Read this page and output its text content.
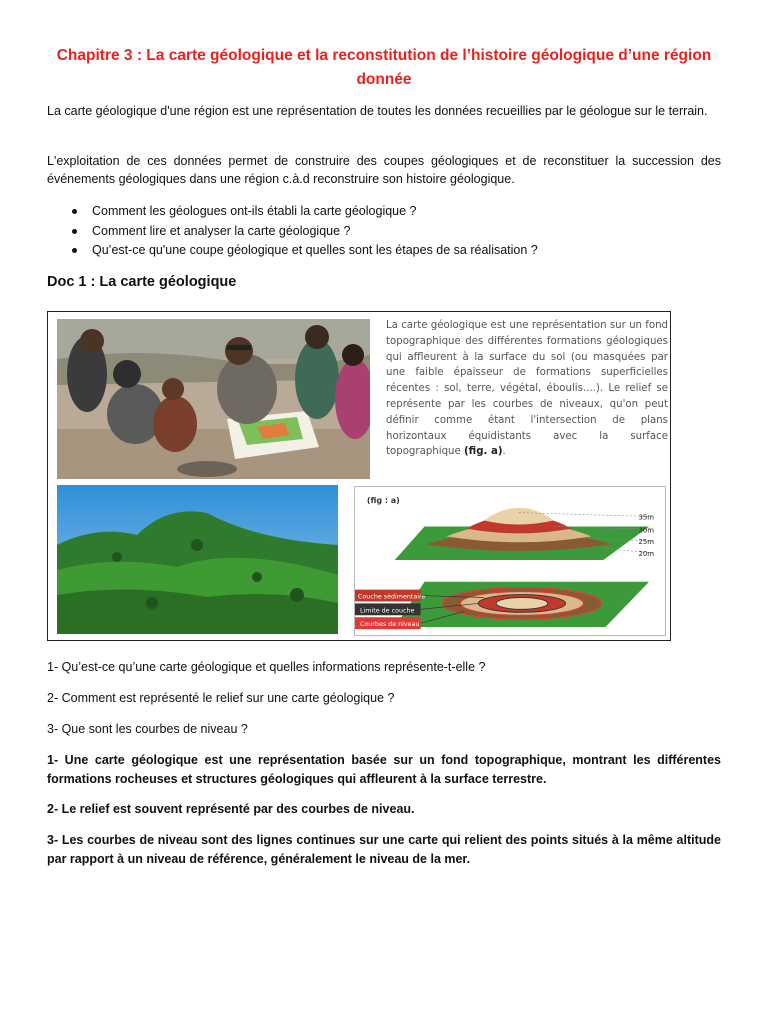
Chapitre 3 : La carte géologique et la reconstitution de l’histoire géologique d’une région donnée
La carte géologique d'une région est une représentation de toutes les données recueillies par le géologue sur le terrain.
L'exploitation de ces données permet de construire des coupes géologiques et de reconstituer la succession des événements géologiques dans une région c.à.d reconstruire son histoire géologique.
Comment les géologues ont-ils établi la carte géologique ?
Comment lire et analyser la carte géologique ?
Qu’est-ce qu'une coupe géologique et quelles sont les étapes de sa réalisation ?
Doc 1 : La carte géologique
La carte géologique est une représentation sur un fond topographique des différentes formations géologiques qui affleurent à la surface du sol (ou masquées par une faible épaisseur de formations superficielles récentes : sol, terre, végétal, éboulis....). Le relief se représente par les courbes de niveaux, qu'on peut définir comme étant l'intersection de plans horizontaux équidistants avec la surface topographique (fig. a).
(fig : a)
35m
30m
25m
20m
Couche sédimentaire
Limite de couche
Courbes de niveau
1- Qu’est-ce qu’une carte géologique et quelles informations représente-t-elle ?
2- Comment est représenté le relief sur une carte géologique ?
3- Que sont les courbes de niveau ?
1- Une carte géologique est une représentation basée sur un fond topographique, montrant les différentes formations rocheuses et structures géologiques qui affleurent à la surface terrestre.
2- Le relief est souvent représenté par des courbes de niveau.
3- Les courbes de niveau sont des lignes continues sur une carte qui relient des points situés à la même altitude par rapport à un niveau de référence, généralement le niveau de la mer.
